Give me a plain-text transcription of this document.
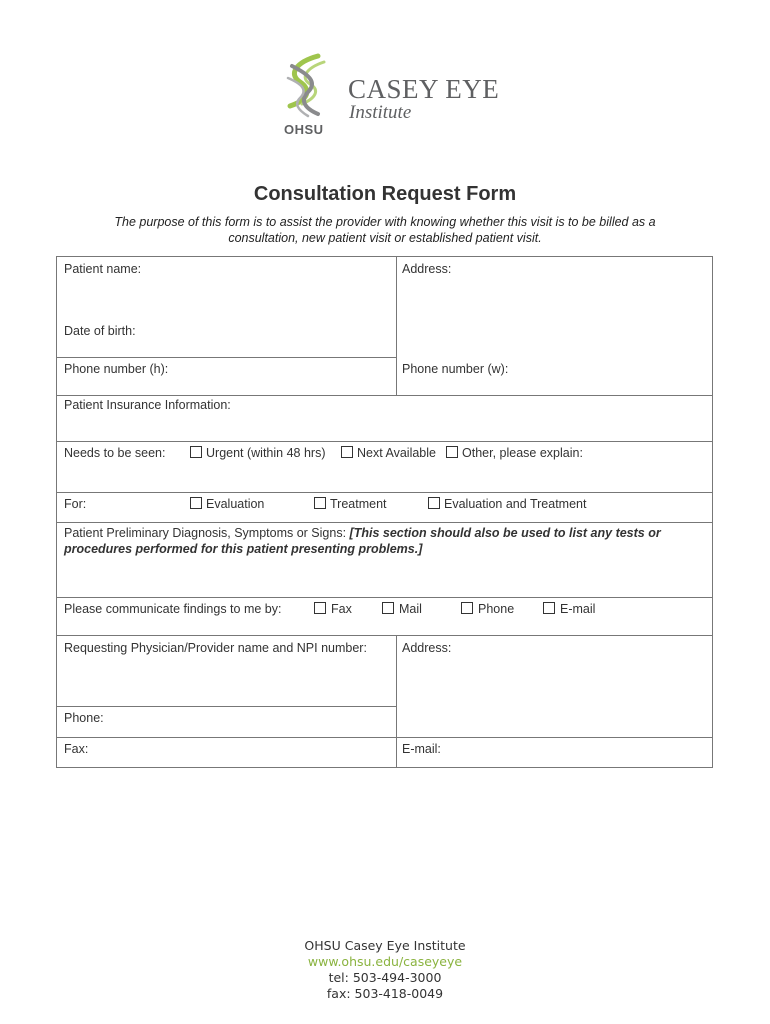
CASEY EYE
Institute
OHSU
Consultation Request Form
The purpose of this form is to assist the provider with knowing whether this visit is to be billed as a consultation, new patient visit or established patient visit.
Patient name:	Address:
Date of birth:
Phone number (h):	Phone number (w):
Patient Insurance Information:
Needs to be seen:	Urgent (within 48 hrs)	Next Available Other, please explain:
For:	Evaluation	Treatment	Evaluation and Treatment
Patient Preliminary Diagnosis, Symptoms or Signs: [This section should also be used to list any tests or procedures performed for this patient presenting problems.]
Please communicate findings to me by:	Fax	Mail	Phone	E-mail
Requesting Physician/Provider name and NPI number:	Address:
Phone:
Fax:	E-mail:
OHSU Casey Eye Institute
www.ohsu.edu/caseyeye
tel: 503-494-3000
fax: 503-418-0049
